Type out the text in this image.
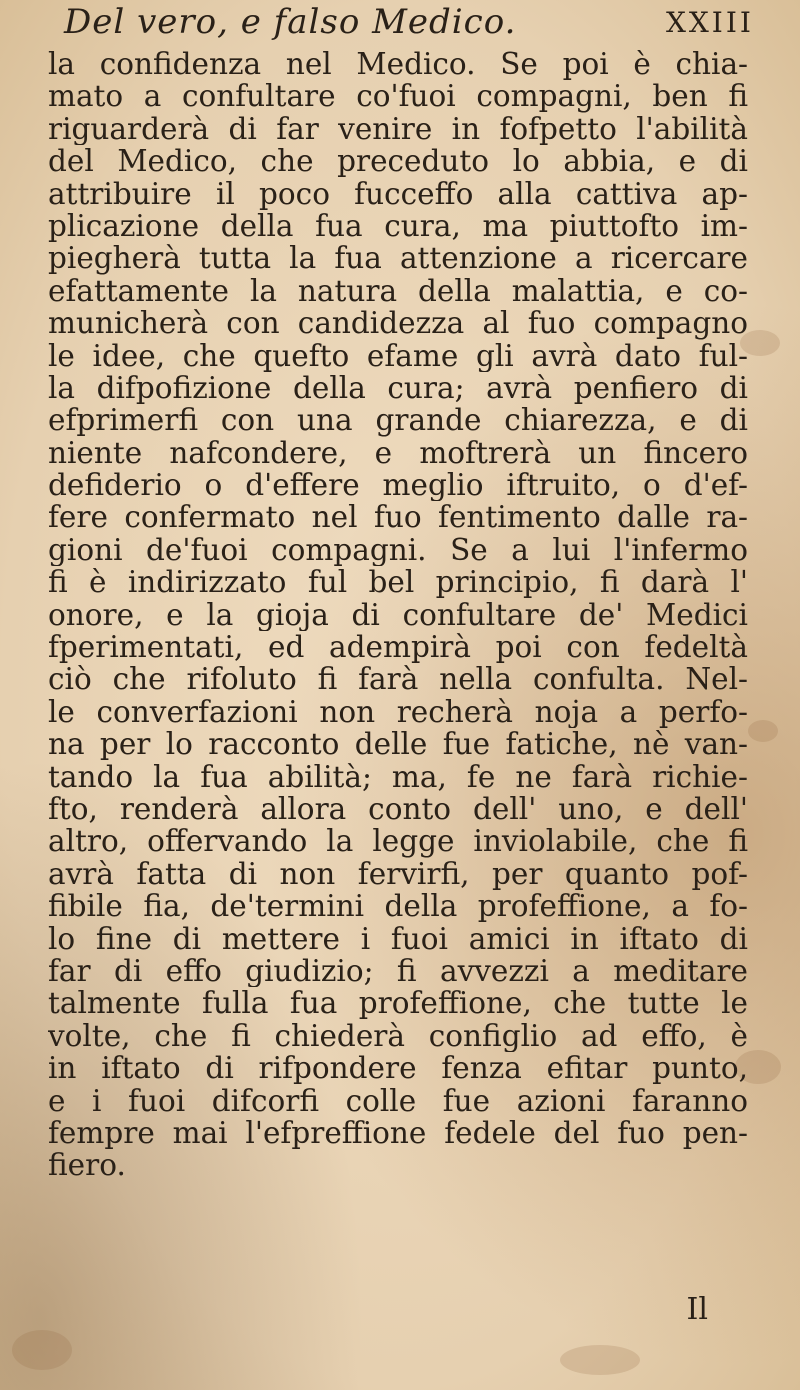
Del vero, e falso Medico.	XXIII
la confidenza nel Medico. Se poi è chia-
mato a confultare co'fuoi compagni, ben fi
riguarderà di far venire in fofpetto l'abilità
del Medico, che preceduto lo abbia, e di
attribuire il poco fucceffo alla cattiva ap-
plicazione della fua cura, ma piuttofto im-
piegherà tutta la fua attenzione a ricercare
efattamente la natura della malattia, e co-
municherà con candidezza al fuo compagno
le idee, che quefto efame gli avrà dato ful-
la difpofizione della cura; avrà penfiero di
efprimerfi con una grande chiarezza, e di
niente nafcondere, e moftrerà un fincero
defiderio o d'effere meglio iftruito, o d'ef-
fere confermato nel fuo fentimento dalle ra-
gioni de'fuoi compagni. Se a lui l'infermo
fi è indirizzato ful bel principio, fi darà l'
onore, e la gioja di confultare de' Medici
fperimentati, ed adempirà poi con fedeltà
ciò che rifoluto fi farà nella confulta. Nel-
le converfazioni non recherà noja a perfo-
na per lo racconto delle fue fatiche, nè van-
tando la fua abilità; ma, fe ne farà richie-
fto, renderà allora conto dell' uno, e dell'
altro, offervando la legge inviolabile, che fi
avrà fatta di non fervirfi, per quanto pof-
fibile fia, de'termini della profeffione, a fo-
lo fine di mettere i fuoi amici in iftato di
far di effo giudizio; fi avvezzi a meditare
talmente fulla fua profeffione, che tutte le
volte, che fi chiederà configlio ad effo, è
in iftato di rifpondere fenza efitar punto,
e i fuoi difcorfi colle fue azioni faranno
fempre mai l'efpreffione fedele del fuo pen-
fiero.
Il
